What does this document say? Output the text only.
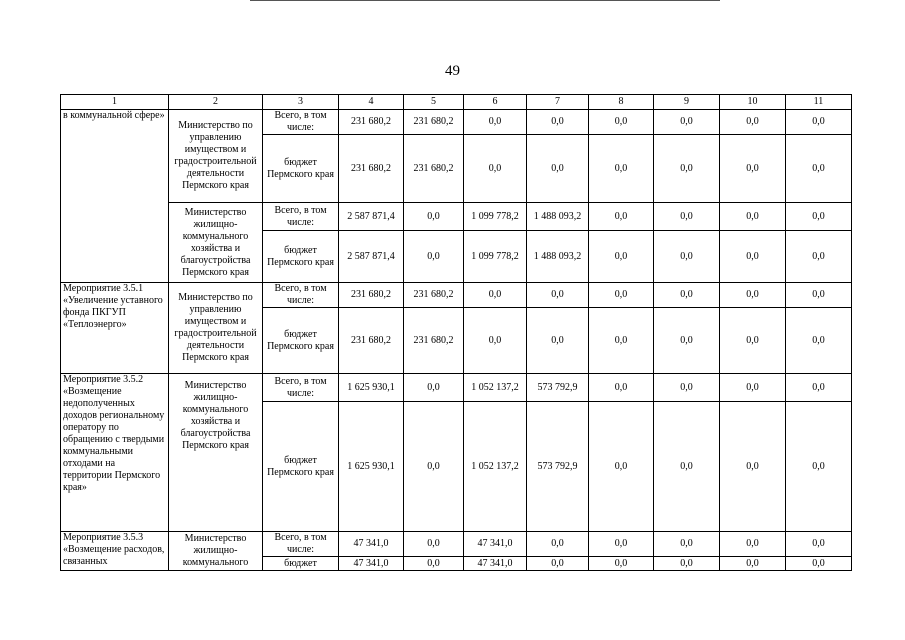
49
1	2	3	4	5	6	7	8	9	10	11
в коммунальной сфере»	Министерство по управлению имуществом и градостроительной деятельности Пермского края	Всего, в том числе:	231 680,2	231 680,2	0,0	0,0	0,0	0,0	0,0	0,0
		бюджет Пермского края	231 680,2	231 680,2	0,0	0,0	0,0	0,0	0,0	0,0
	Министерство жилищно-коммунального хозяйства и благоустройства Пермского края	Всего, в том числе:	2 587 871,4	0,0	1 099 778,2	1 488 093,2	0,0	0,0	0,0	0,0
		бюджет Пермского края	2 587 871,4	0,0	1 099 778,2	1 488 093,2	0,0	0,0	0,0	0,0
Мероприятие 3.5.1 «Увеличение уставного фонда ПКГУП «Теплоэнерго»	Министерство по управлению имуществом и градостроительной деятельности Пермского края	Всего, в том числе:	231 680,2	231 680,2	0,0	0,0	0,0	0,0	0,0	0,0
		бюджет Пермского края	231 680,2	231 680,2	0,0	0,0	0,0	0,0	0,0	0,0
Мероприятие 3.5.2 «Возмещение недополученных доходов региональному оператору по обращению с твердыми коммунальными отходами на территории Пермского края»	Министерство жилищно-коммунального хозяйства и благоустройства Пермского края	Всего, в том числе:	1 625 930,1	0,0	1 052 137,2	573 792,9	0,0	0,0	0,0	0,0
		бюджет Пермского края	1 625 930,1	0,0	1 052 137,2	573 792,9	0,0	0,0	0,0	0,0
Мероприятие 3.5.3 «Возмещение расходов, связанных	Министерство жилищно-коммунального	Всего, в том числе:	47 341,0	0,0	47 341,0	0,0	0,0	0,0	0,0	0,0
		бюджет	47 341,0	0,0	47 341,0	0,0	0,0	0,0	0,0	0,0
